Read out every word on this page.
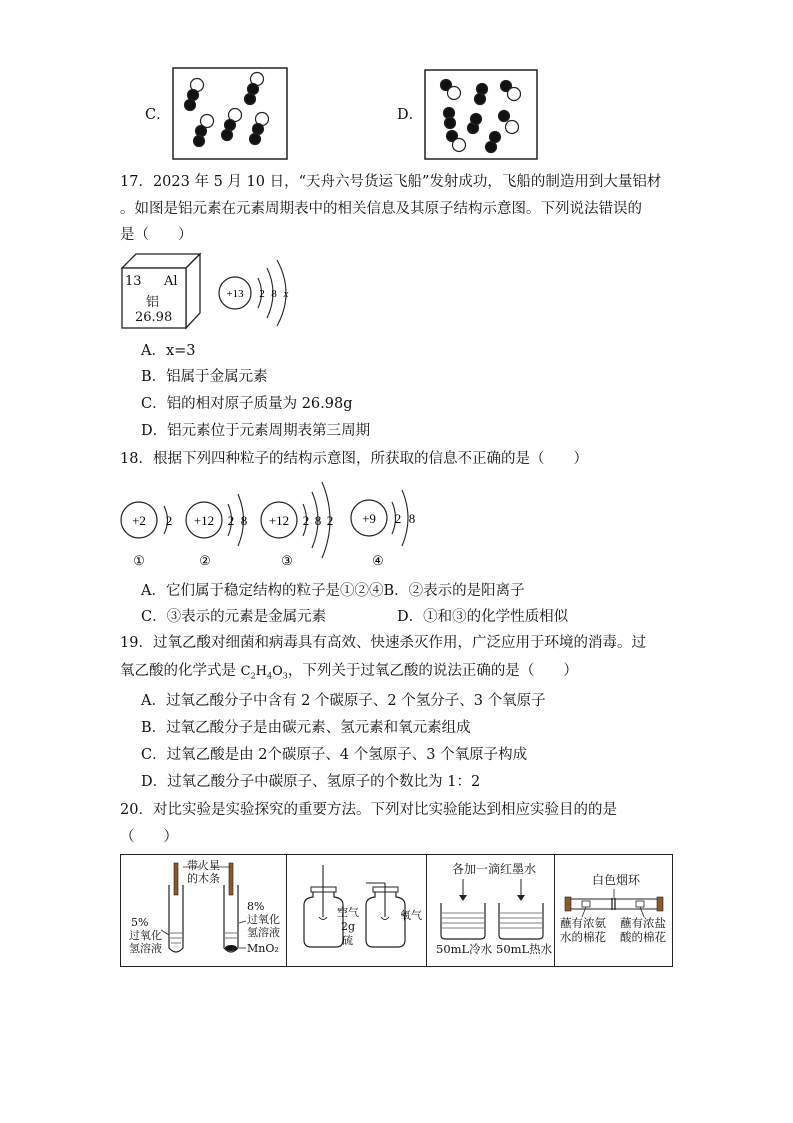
C．	D．
17．2023 年 5 月 10 日，“天舟六号货运飞船”发射成功，飞船的制造用到大量铝材
。如图是铝元素在元素周期表中的相关信息及其原子结构示意图。下列说法错误的
是（　　）
13 Al
铝
26.98
+13 2 8 x
A．x=3
B．铝属于金属元素
C．铝的相对原子质量为 26.98g
D．铝元素位于元素周期表第三周期
18．根据下列四种粒子的结构示意图，所获取的信息不正确的是（　　）
+2 2
①
+12 2 8
②
+12 2 8 2
③
+9 2 8
④
A．它们属于稳定结构的粒子是①②④B．②表示的是阳离子
C．③表示的元素是金属元素	D．①和③的化学性质相似
19．过氧乙酸对细菌和病毒具有高效、快速杀灭作用，广泛应用于环境的消毒。过
氧乙酸的化学式是 $C_2H_4O_3$，下列关于过氧乙酸的说法正确的是（　　）
A．过氧乙酸分子中含有 2 个碳原子、2 个氢分子、3 个氧原子
B．过氧乙酸分子是由碳元素、氢元素和氧元素组成
C．过氧乙酸是由 2个碳原子、4 个氢原子、3 个氧原子构成
D．过氧乙酸分子中碳原子、氢原子的个数比为 1：2
20．对比实验是实验探究的重要方法。下列对比实验能达到相应实验目的的是
（　　）
带火星
的木条
5%
过氧化
氢溶液
8%
过氧化
氢溶液
MnO₂
空气
2g
硫
氧气
各加一滴红墨水
50mL冷水 50mL热水
白色烟环
蘸有浓氨
水的棉花
蘸有浓盐
酸的棉花
